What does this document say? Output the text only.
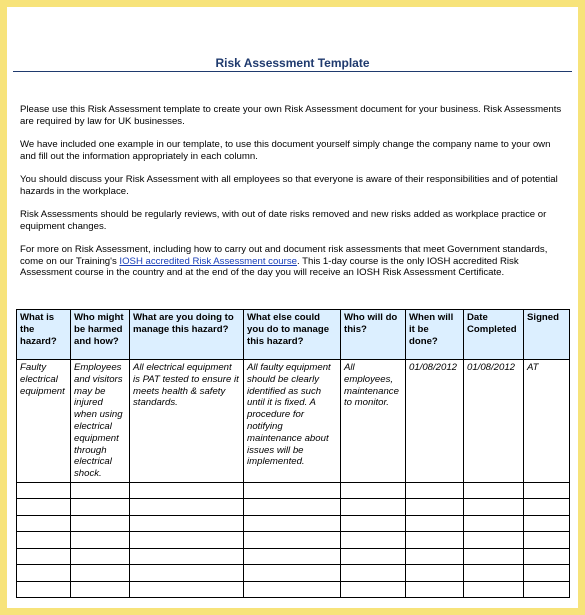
Risk Assessment Template

Please use this Risk Assessment template to create your own Risk Assessment document for your business. Risk Assessments are required by law for UK businesses.

We have included one example in our template, to use this document yourself simply change the company name to your own and fill out the information appropriately in each column.

You should discuss your Risk Assessment with all employees so that everyone is aware of their responsibilities and of potential hazards in the workplace.

Risk Assessments should be regularly reviews, with out of date risks removed and new risks added as workplace practice or equipment changes.

For more on Risk Assessment, including how to carry out and document risk assessments that meet Government standards, come on our Training's IOSH accredited Risk Assessment course. This 1-day course is the only IOSH accredited Risk Assessment course in the country and at the end of the day you will receive an IOSH Risk Assessment Certificate.

What is the hazard?	Who might be harmed and how?	What are you doing to manage this hazard?	What else could you do to manage this hazard?	Who will do this?	When will it be done?	Date Completed	Signed
Faulty electrical equipment	Employees and visitors may be injured when using electrical equipment through electrical shock.	All electrical equipment is PAT tested to ensure it meets health & safety standards.	All faulty equipment should be clearly identified as such until it is fixed. A procedure for notifying maintenance about issues will be implemented.	All employees, maintenance to monitor.	01/08/2012	01/08/2012	AT
